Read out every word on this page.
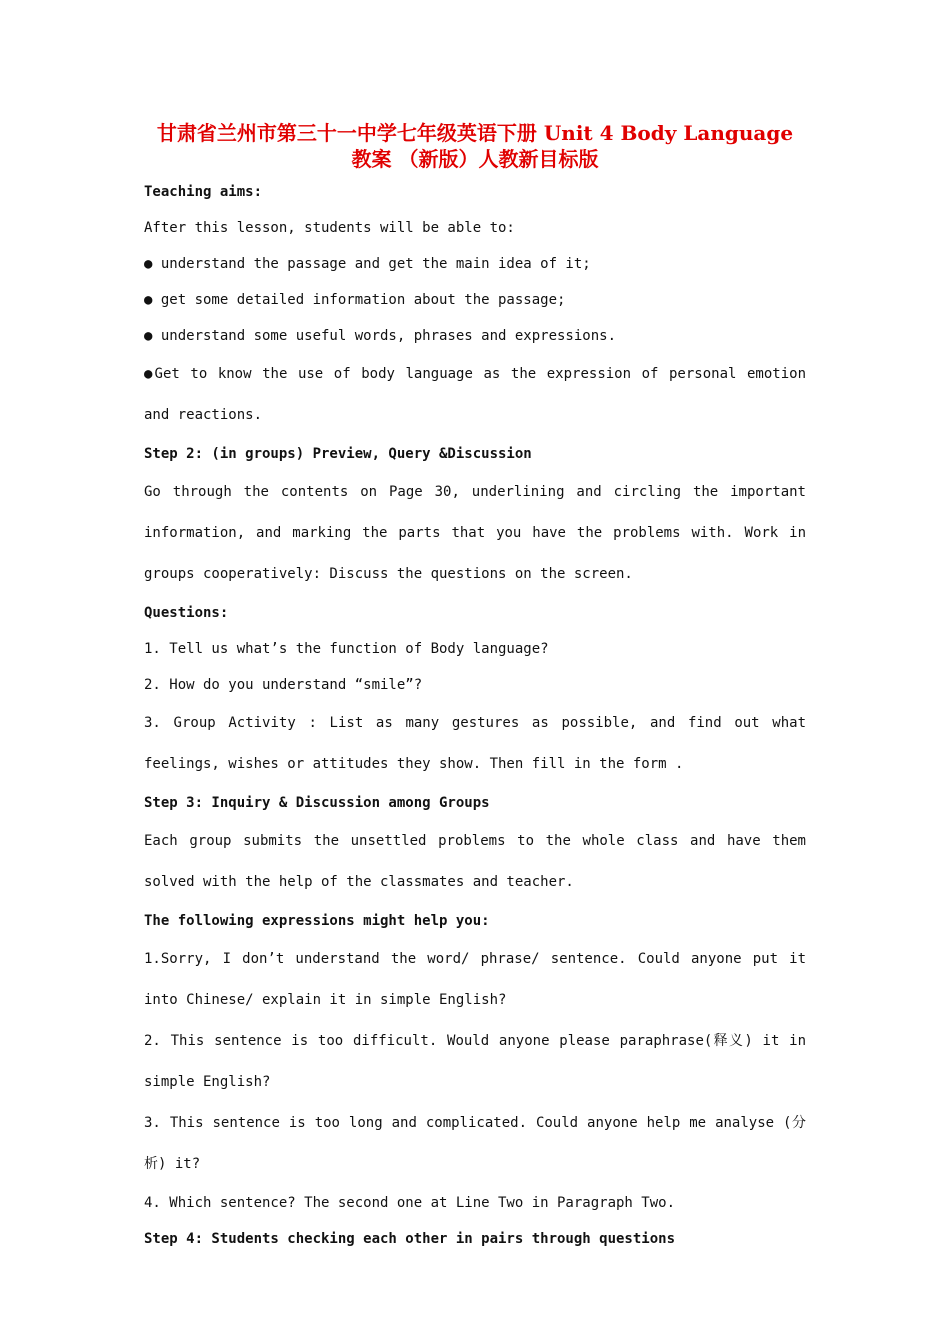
甘肃省兰州市第三十一中学七年级英语下册 Unit 4 Body Language
教案 （新版）人教新目标版

Teaching aims:

After this lesson, students will be able to:

● understand the passage and get the main idea of it;

● get some detailed information about the passage;

● understand some useful words, phrases and expressions.

●Get to know the use of body language as the expression of personal emotion and reactions.

Step 2: (in groups) Preview, Query &Discussion

Go through the contents on Page 30, underlining and circling the important information, and marking the parts that you have the problems with. Work in groups cooperatively: Discuss the questions on the screen.

Questions:

1. Tell us what’s the function of Body language?

2. How do you understand “smile”?

3. Group Activity : List as many gestures as possible, and find out what feelings, wishes or attitudes they show. Then fill in the form .

Step 3: Inquiry & Discussion among Groups

Each group submits the unsettled problems to the whole class and have them solved with the help of the classmates and teacher.

The following expressions might help you:

1.Sorry, I don’t understand the word/ phrase/ sentence. Could anyone put it into Chinese/ explain it in simple English?

2. This sentence is too difficult. Would anyone please paraphrase(释义) it in simple English?

3. This sentence is too long and complicated. Could anyone help me analyse (分析) it?

4. Which sentence? The second one at Line Two in Paragraph Two.

Step 4: Students checking each other in pairs through questions
